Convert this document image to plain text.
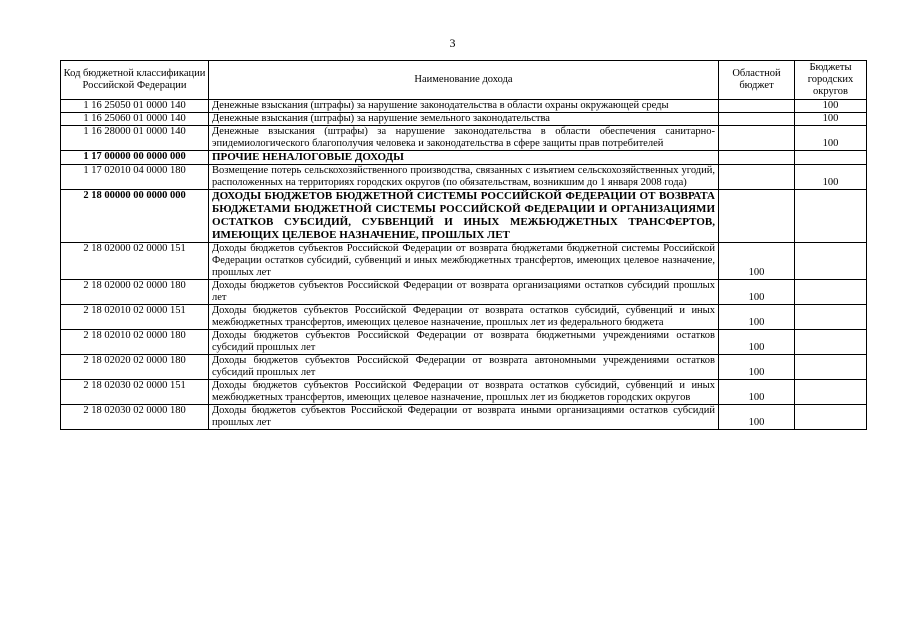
3
Код бюджетной классификации Российской Федерации	Наименование дохода	Областной бюджет	Бюджеты городских округов
1 16 25050 01 0000 140	Денежные взыскания (штрафы) за нарушение законодательства в области охраны окружающей среды		100
1 16 25060 01 0000 140	Денежные взыскания (штрафы) за нарушение земельного законодательства		100
1 16 28000 01 0000 140	Денежные взыскания (штрафы) за нарушение законодательства в области обеспечения санитарно-эпидемиологического благополучия человека и законодательства в сфере защиты прав потребителей		100
1 17 00000 00 0000 000	ПРОЧИЕ НЕНАЛОГОВЫЕ ДОХОДЫ		
1 17 02010 04 0000 180	Возмещение потерь сельскохозяйственного производства, связанных с изъятием сельскохозяйственных угодий, расположенных на территориях городских округов (по обязательствам, возникшим до 1 января 2008 года)		100
2 18 00000 00 0000 000	ДОХОДЫ БЮДЖЕТОВ БЮДЖЕТНОЙ СИСТЕМЫ РОССИЙСКОЙ ФЕДЕРАЦИИ ОТ ВОЗВРАТА БЮДЖЕТАМИ БЮДЖЕТНОЙ СИСТЕМЫ РОССИЙСКОЙ ФЕДЕРАЦИИ И ОРГАНИЗАЦИЯМИ ОСТАТКОВ СУБСИДИЙ, СУБВЕНЦИЙ И ИНЫХ МЕЖБЮДЖЕТНЫХ ТРАНСФЕРТОВ, ИМЕЮЩИХ ЦЕЛЕВОЕ НАЗНАЧЕНИЕ, ПРОШЛЫХ ЛЕТ		
2 18 02000 02 0000 151	Доходы бюджетов субъектов Российской Федерации от возврата бюджетами бюджетной системы Российской Федерации остатков субсидий, субвенций и иных межбюджетных трансфертов, имеющих целевое назначение, прошлых лет	100	
2 18 02000 02 0000 180	Доходы бюджетов субъектов Российской Федерации от возврата организациями остатков субсидий прошлых лет	100	
2 18 02010 02 0000 151	Доходы бюджетов субъектов Российской Федерации от возврата остатков субсидий, субвенций и иных межбюджетных трансфертов, имеющих целевое назначение, прошлых лет из федерального бюджета	100	
2 18 02010 02 0000 180	Доходы бюджетов субъектов Российской Федерации от возврата бюджетными учреждениями остатков субсидий прошлых лет	100	
2 18 02020 02 0000 180	Доходы бюджетов субъектов Российской Федерации от возврата автономными учреждениями остатков субсидий прошлых лет	100	
2 18 02030 02 0000 151	Доходы бюджетов субъектов Российской Федерации от возврата остатков субсидий, субвенций и иных межбюджетных трансфертов, имеющих целевое назначение, прошлых лет из бюджетов городских округов	100	
2 18 02030 02 0000 180	Доходы бюджетов субъектов Российской Федерации от возврата иными организациями остатков субсидий прошлых лет	100	
